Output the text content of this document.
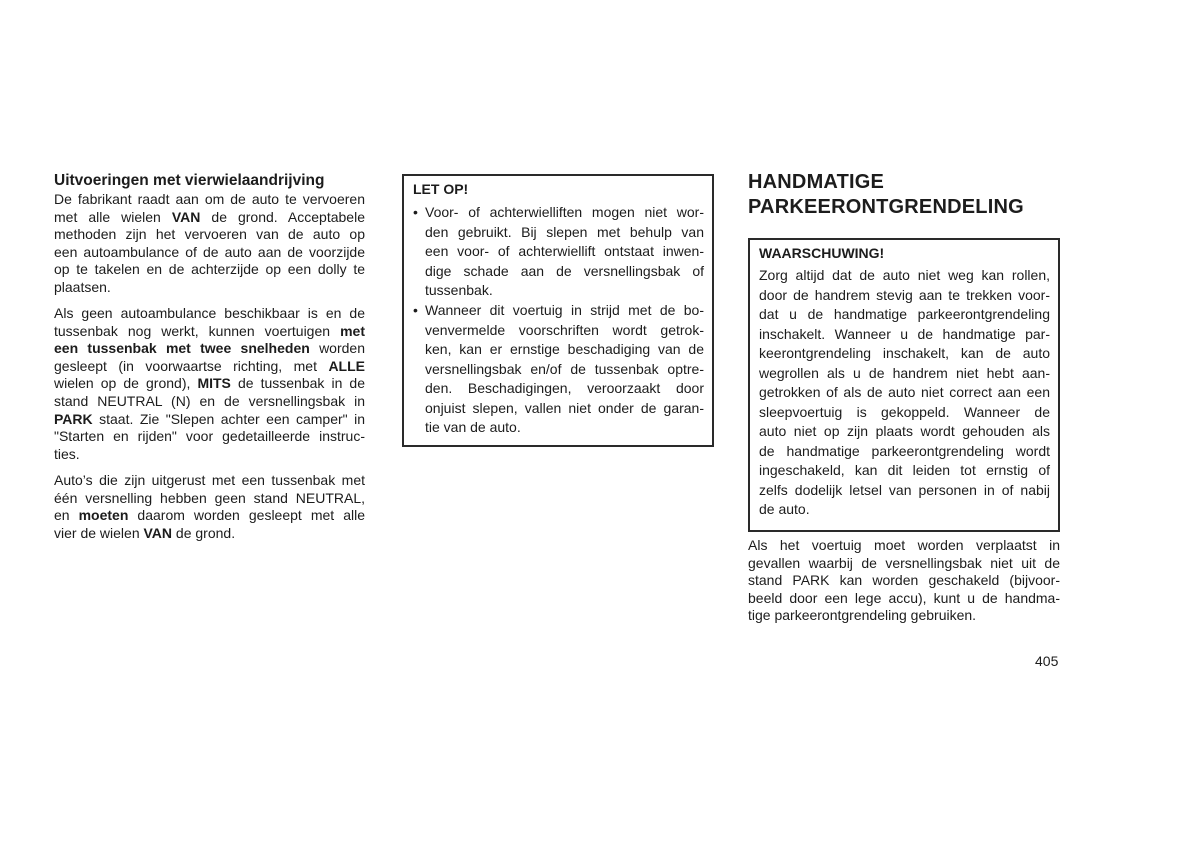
Uitvoeringen met vierwielaandrijving
De fabrikant raadt aan om de auto te vervoeren
met alle wielen VAN de grond. Acceptabele
methoden zijn het vervoeren van de auto op
een autoambulance of de auto aan de voorzijde
op te takelen en de achterzijde op een dolly te
plaatsen.
Als geen autoambulance beschikbaar is en de
tussenbak nog werkt, kunnen voertuigen met
een tussenbak met twee snelheden worden
gesleept (in voorwaartse richting, met ALLE
wielen op de grond), MITS de tussenbak in de
stand NEUTRAL (N) en de versnellingsbak in
PARK staat. Zie "Slepen achter een camper" in
"Starten en rijden" voor gedetailleerde instruc-
ties.
Auto’s die zijn uitgerust met een tussenbak met
één versnelling hebben geen stand NEUTRAL,
en moeten daarom worden gesleept met alle
vier de wielen VAN de grond.
LET OP!
• Voor- of achterwielliften mogen niet wor-
den gebruikt. Bij slepen met behulp van
een voor- of achterwiellift ontstaat inwen-
dige schade aan de versnellingsbak of
tussenbak.
• Wanneer dit voertuig in strijd met de bo-
venvermelde voorschriften wordt getrok-
ken, kan er ernstige beschadiging van de
versnellingsbak en/of de tussenbak optre-
den. Beschadigingen, veroorzaakt door
onjuist slepen, vallen niet onder de garan-
tie van de auto.
HANDMATIGE
PARKEERONTGRENDELING
WAARSCHUWING!
Zorg altijd dat de auto niet weg kan rollen,
door de handrem stevig aan te trekken voor-
dat u de handmatige parkeerontgrendeling
inschakelt. Wanneer u de handmatige par-
keerontgrendeling inschakelt, kan de auto
wegrollen als u de handrem niet hebt aan-
getrokken of als de auto niet correct aan een
sleepvoertuig is gekoppeld. Wanneer de
auto niet op zijn plaats wordt gehouden als
de handmatige parkeerontgrendeling wordt
ingeschakeld, kan dit leiden tot ernstig of
zelfs dodelijk letsel van personen in of nabij
de auto.
Als het voertuig moet worden verplaatst in
gevallen waarbij de versnellingsbak niet uit de
stand PARK kan worden geschakeld (bijvoor-
beeld door een lege accu), kunt u de handma-
tige parkeerontgrendeling gebruiken.
405
